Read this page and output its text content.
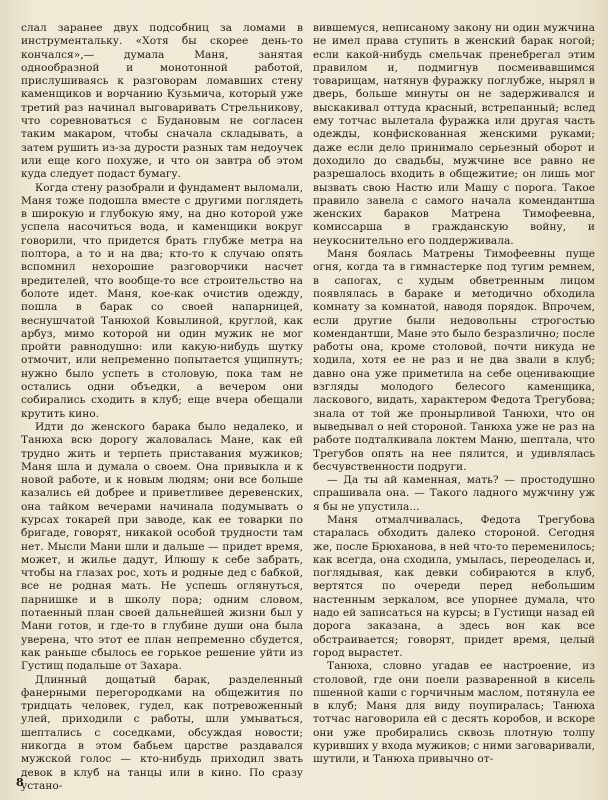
слал заранее двух подсобниц за ломами в инструментальку. «Хотя бы скорее день-то кончался»,— думала Маня, занятая однообразной и монотонной работой, прислушиваясь к разговорам ломавших стену каменщиков и ворчанию Кузьмича, который уже третий раз начинал выговаривать Стрельникову, что соревноваться с Будановым не согласен таким макаром, чтобы сначала складывать, а затем рушить из-за дурости разных там недоучек или еще кого похуже, и что он завтра об этом куда следует подаст бумагу.

Когда стену разобрали и фундамент выломали, Маня тоже подошла вместе с другими поглядеть в широкую и глубокую яму, на дно которой уже успела насочиться вода, и каменщики вокруг говорили, что придется брать глубже метра на полтора, а то и на два; кто-то к случаю опять вспомнил нехорошие разговорчики насчет вредителей, что вообще-то все строительство на болоте идет. Маня, кое-как очистив одежду, пошла в барак со своей напарницей, веснушчатой Танюхой Ковылиной, круглой, как арбуз, мимо которой ни один мужик не мог пройти равнодушно: или какую-нибудь шутку отмочит, или непременно попытается ущипнуть; нужно было успеть в столовую, пока там не остались одни объедки, а вечером они собирались сходить в клуб; еще вчера обещали крутить кино.

Идти до женского барака было недалеко, и Танюха всю дорогу жаловалась Мане, как ей трудно жить и терпеть приставания мужиков; Маня шла и думала о своем. Она привыкла и к новой работе, и к новым людям; они все больше казались ей добрее и приветливее деревенских, она тайком вечерами начинала подумывать о курсах токарей при заводе, как ее товарки по бригаде, говорят, никакой особой трудности там нет. Мысли Мани шли и дальше — придет время, может, и жилье дадут, Илюшу к себе забрать, чтобы на глазах рос, хоть и родные дед с бабкой, все не родная мать. Не успешь оглянуться, парнишке и в школу пора; одним словом, потаенный план своей дальнейшей жизни был у Мани готов, и где-то в глубине души она была уверена, что этот ее план непременно сбудется, как раньше сбылось ее горькое решение уйти из Густищ подальше от Захара.

Длинный дощатый барак, разделенный фанерными перегородками на общежития по тридцать человек, гудел, как потревоженный улей, приходили с работы, шли умываться, шептались с соседками, обсуждая новости; никогда в этом бабьем царстве раздавался мужской голос — кто-нибудь приходил звать девок в клуб на танцы или в кино. По сразу устано-

вившемуся, неписаному закону ни один мужчина не имел права ступить в женский барак ногой; если какой-нибудь смельчак пренебрегал этим правилом и, подмигнув посмеивавшимся товарищам, натянув фуражку поглубже, нырял в дверь, больше минуты он не задерживался и выскакивал оттуда красный, встрепанный; вслед ему тотчас вылетала фуражка или другая часть одежды, конфискованная женскими руками; даже если дело принимало серьезный оборот и доходило до свадьбы, мужчине все равно не разрешалось входить в общежитие; он лишь мог вызвать свою Настю или Машу с порога. Такое правило завела с самого начала комендантша женских бараков Матрена Тимофеевна, комиссарша в гражданскую войну, и неукоснительно его поддерживала.

Маня боялась Матрены Тимофеевны пуще огня, когда та в гимнастерке под тугим ремнем, в сапогах, с худым обветренным лицом появлялась в бараке и методично обходила комнату за комнатой, наводя порядок. Впрочем, если другие были недовольны строгостью комендантши, Мане это было безразлично; после работы она, кроме столовой, почти никуда не ходила, хотя ее не раз и не два звали в клуб; давно она уже приметила на себе оценивающие взгляды молодого белесого каменщика, ласкового, видать, характером Федота Трегубова; знала от той же пронырливой Танюхи, что он выведывал о ней стороной. Танюха уже не раз на работе подталкивала локтем Маню, шептала, что Трегубов опять на нее пялится, и удивлялась бесчувственности подруги.

— Да ты ай каменная, мать? — простодушно спрашивала она. — Такого ладного мужчину уж я бы не упустила...

Маня отмалчивалась, Федота Трегубова старалась обходить далеко стороной. Сегодня же, после Брюханова, в ней что-то переменилось; как всегда, она сходила, умылась, переоделась и, поглядывая, как девки собираются в клуб, вертятся по очереди перед небольшим настенным зеркалом, все упорнее думала, что надо ей записаться на курсы; в Густищи назад ей дорога заказана, а здесь вон как все обстраивается; говорят, придет время, целый город вырастет.

Танюха, словно угадав ее настроение, из столовой, где они поели разваренной в кисель пшенной каши с горчичным маслом, потянула ее в клуб; Маня для виду поупиралась; Танюха тотчас наговорила ей с десять коробов, и вскоре они уже пробирались сквозь плотную толпу куривших у входа мужиков; с ними заговаривали, шутили, и Танюха привычно от-

8
